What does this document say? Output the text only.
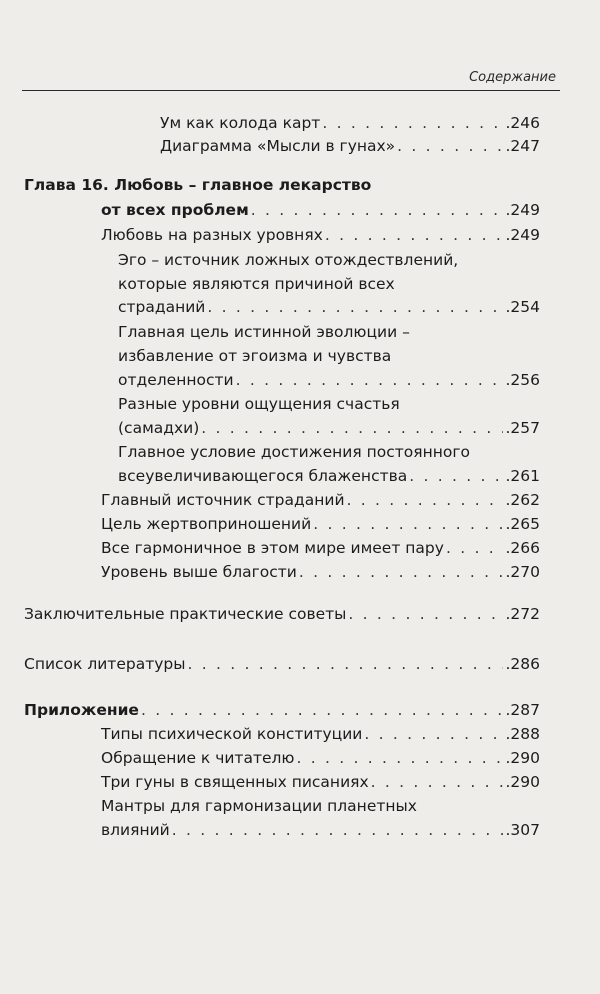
Содержание
Ум как колода карт . . .	.246
Диаграмма «Мысли в гунах» . . .	.247
Глава 16. Любовь – главное лекарство
от всех проблем . . .	.249
Любовь на разных уровнях . . .	.249
Эго – источник ложных отождествлений,
которые являются причиной всех
страданий . . .	.254
Главная цель истинной эволюции –
избавление от эгоизма и чувства
отделенности . . .	.256
Разные уровни ощущения счастья
(самадхи) . . .	.257
Главное условие достижения постоянного
всеувеличивающегося блаженства . . .	.261
Главный источник страданий . . .	.262
Цель жертвоприношений . . .	.265
Все гармоничное в этом мире имеет пару . . .	.266
Уровень выше благости . . .	.270
Заключительные практические советы . . .	.272
Список литературы . . .	.286
Приложение . . .	.287
Типы психической конституции . . .	.288
Обращение к читателю . . .	.290
Три гуны в священных писаниях . . .	.290
Мантры для гармонизации планетных
влияний . . .	.307
